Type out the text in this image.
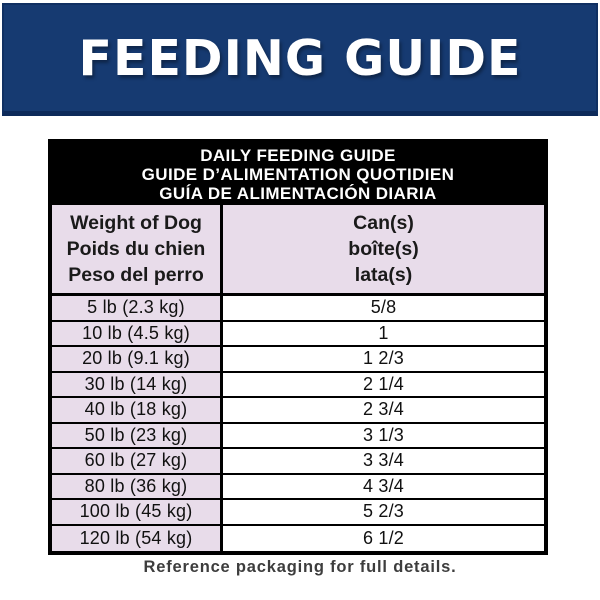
FEEDING GUIDE
DAILY FEEDING GUIDE
GUIDE D’ALIMENTATION QUOTIDIEN
GUÍA DE ALIMENTACIÓN DIARIA
Weight of Dog
Poids du chien
Peso del perro
Can(s)
boîte(s)
lata(s)
5 lb (2.3 kg)	5/8
10 lb (4.5 kg)	1
20 lb (9.1 kg)	1 2/3
30 lb (14 kg)	2 1/4
40 lb (18 kg)	2 3/4
50 lb (23 kg)	3 1/3
60 lb (27 kg)	3 3/4
80 lb (36 kg)	4 3/4
100 lb (45 kg)	5 2/3
120 lb (54 kg)	6 1/2
Reference packaging for full details.
